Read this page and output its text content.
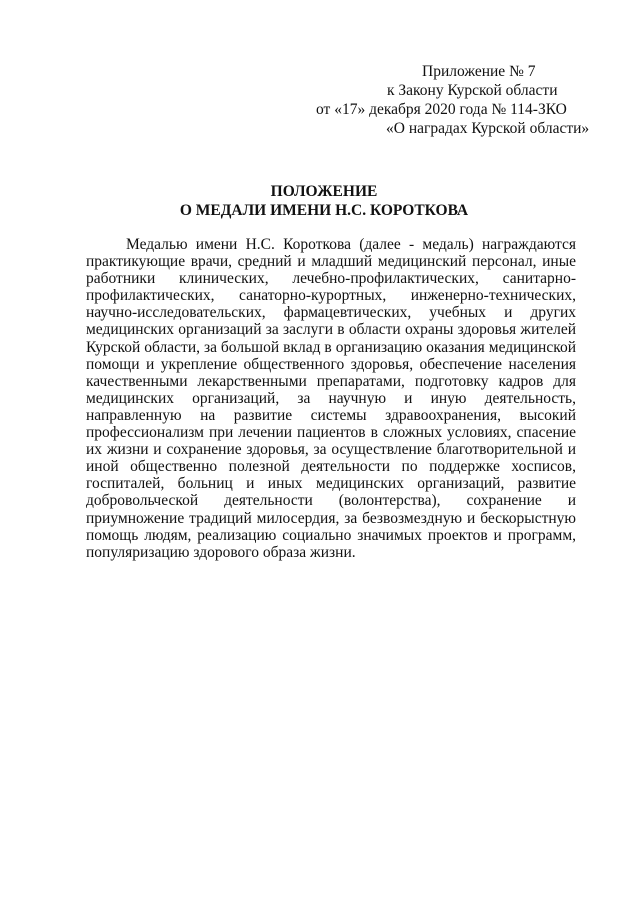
Приложение № 7
к Закону Курской области
от «17» декабря 2020 года № 114-ЗКО
«О наградах Курской области»
ПОЛОЖЕНИЕ
О МЕДАЛИ ИМЕНИ Н.С. КОРОТКОВА

Медалью имени Н.С. Короткова (далее - медаль) награждаются практикующие врачи, средний и младший медицинский персонал, иные работники клинических, лечебно-профилактических, санитарно-профилактических, санаторно-курортных, инженерно-технических, научно-исследовательских, фармацевтических, учебных и других медицинских организаций за заслуги в области охраны здоровья жителей Курской области, за большой вклад в организацию оказания медицинской помощи и укрепление общественного здоровья, обеспечение населения качественными лекарственными препаратами, подготовку кадров для медицинских организаций, за научную и иную деятельность, направленную на развитие системы здравоохранения, высокий профессионализм при лечении пациентов в сложных условиях, спасение их жизни и сохранение здоровья, за осуществление благотворительной и иной общественно полезной деятельности по поддержке хосписов, госпиталей, больниц и иных медицинских организаций, развитие добровольческой деятельности (волонтерства), сохранение и приумножение традиций милосердия, за безвозмездную и бескорыстную помощь людям, реализацию социально значимых проектов и программ, популяризацию здорового образа жизни.
